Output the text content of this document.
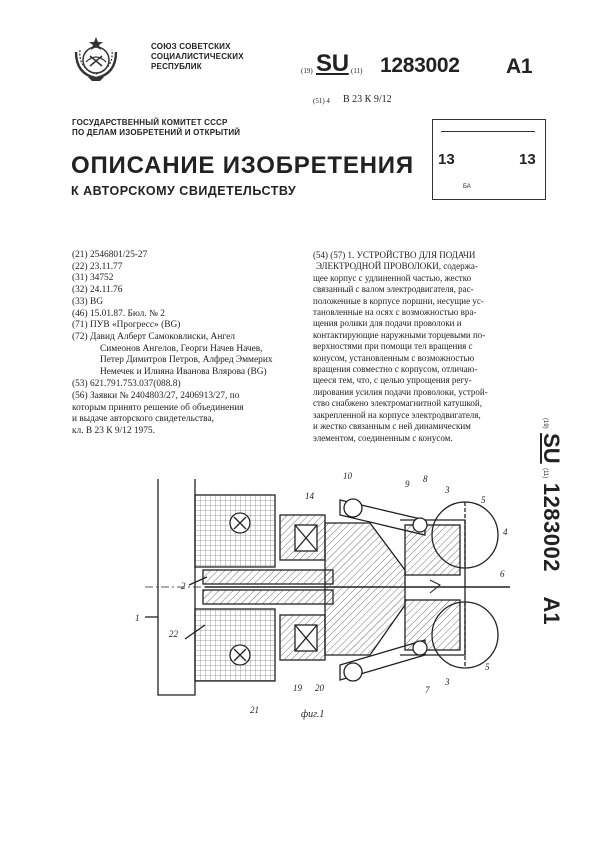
СОЮЗ СОВЕТСКИХ
СОЦИАЛИСТИЧЕСКИХ
РЕСПУБЛИК	(19) SU (11) 1283002 A1
(51) 4 В 23 К 9/12
ГОСУДАРСТВЕННЫЙ КОМИТЕТ СССР
ПО ДЕЛАМ ИЗОБРЕТЕНИЙ И ОТКРЫТИЙ
ОПИСАНИЕ ИЗОБРЕТЕНИЯ
К АВТОРСКОМУ СВИДЕТЕЛЬСТВУ
13	13
БА
(21) 2546801/25-27
(22) 23.11.77
(31) 34752
(32) 24.11.76
(33) BG
(46) 15.01.87. Бюл. № 2
(71) ПУВ «Прогресс» (BG)
(72) Давид Алберт Самоковлиски, Ангел
Симеонов Ангелов, Георги Начев Начев,
Петер Димитров Петров, Алфред Эммерих
Немечек и Илияна Иванова Влярова (BG)
(53) 621.791.753.037(088.8)
(56) Заявки № 2404803/27, 2406913/27, по
которым принято решение об объединения
и выдаче авторского свидетельства,
кл. В 23 К 9/12 1975.
(54) (57) 1. УСТРОЙСТВО ДЛЯ ПОДАЧИ
ЭЛЕКТРОДНОЙ ПРОВОЛОКИ, содержа-
щее корпус с удлиненной частью, жестко
связанный с валом электродвигателя, рас-
положенные в корпусе поршни, несущие ус-
тановленные на осях с возможностью вра-
щения ролики для подачи проволоки и
контактирующие наружными торцевыми по-
верхностями при помощи тел вращения с
конусом, установленным с возможностью
вращения совместно с корпусом, отличаю-
щееся тем, что, с целью упрощения регу-
лирования усилия подачи проволоки, устрой-
ство снабжено электромагнитной катушкой,
закрепленной на корпусе электродвигателя,
и жестко связанным с ней динамическим
элементом, соединенным с конусом.
(19) SU (11) 1283002 A1
1
2
3
3
4
5
5
6
7
8
9
10
14
19 20
21
22
фиг.1
